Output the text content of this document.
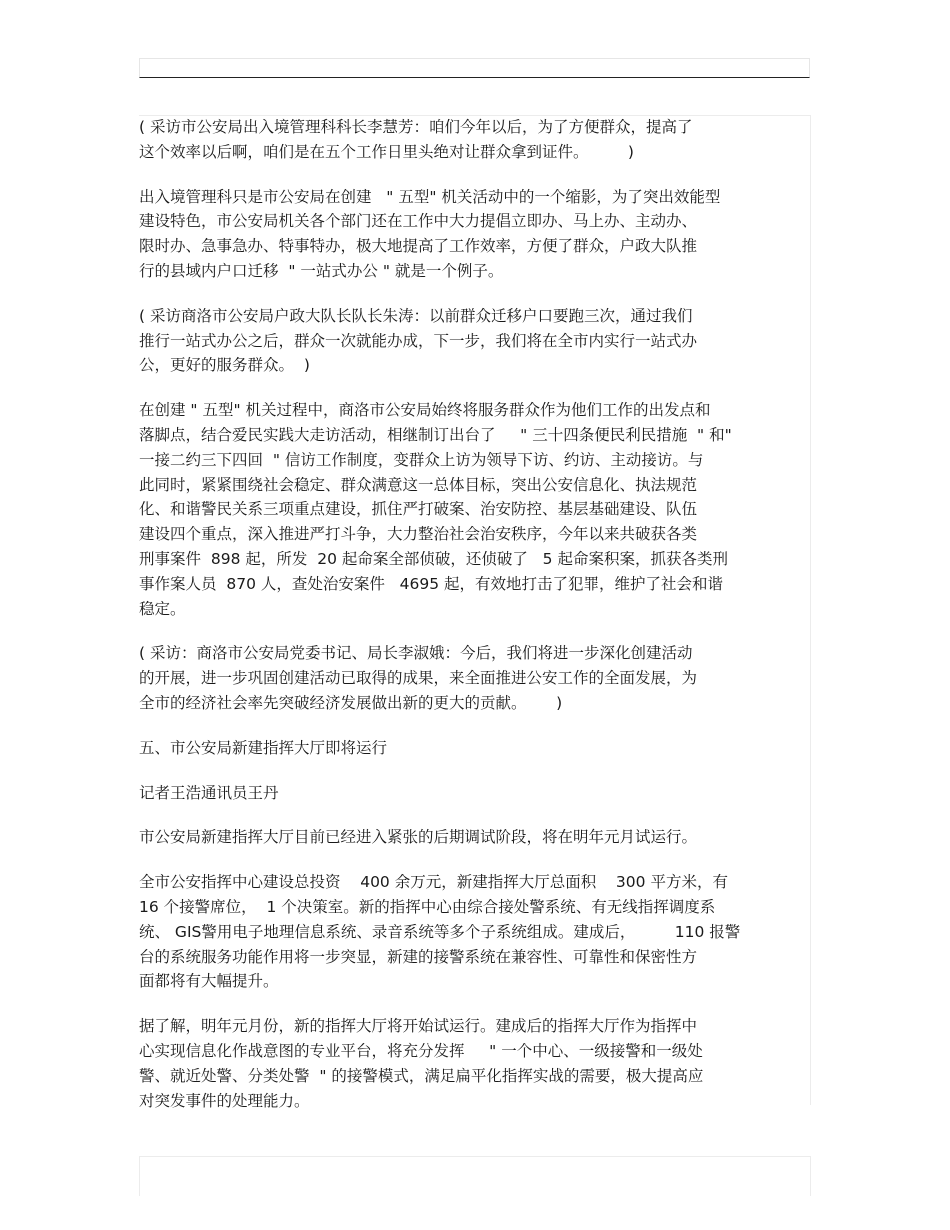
( 采访市公安局出入境管理科科长李慧芳：咱们今年以后，为了方便群众，提高了
这个效率以后啊，咱们是在五个工作日里头绝对让群众拿到证件。        )

出入境管理科只是市公安局在创建   " 五型" 机关活动中的一个缩影，为了突出效能型
建设特色，市公安局机关各个部门还在工作中大力提倡立即办、马上办、主动办、
限时办、急事急办、特事特办，极大地提高了工作效率，方便了群众，户政大队推
行的县域内户口迁移  " 一站式办公 " 就是一个例子。

( 采访商洛市公安局户政大队长队长朱涛：以前群众迁移户口要跑三次，通过我们
推行一站式办公之后，群众一次就能办成，下一步，我们将在全市内实行一站式办
公，更好的服务群众。  )

在创建 " 五型" 机关过程中，商洛市公安局始终将服务群众作为他们工作的出发点和
落脚点，结合爱民实践大走访活动，相继制订出台了     " 三十四条便民利民措施  " 和"
一接二约三下四回  " 信访工作制度，变群众上访为领导下访、约访、主动接访。与
此同时，紧紧围绕社会稳定、群众满意这一总体目标，突出公安信息化、执法规范
化、和谐警民关系三项重点建设，抓住严打破案、治安防控、基层基础建设、队伍
建设四个重点，深入推进严打斗争，大力整治社会治安秩序，今年以来共破获各类
刑事案件  898 起，所发  20 起命案全部侦破，还侦破了   5 起命案积案，抓获各类刑
事作案人员  870 人，查处治安案件   4695 起，有效地打击了犯罪，维护了社会和谐
稳定。

( 采访：商洛市公安局党委书记、局长李淑娥：今后，我们将进一步深化创建活动
的开展，进一步巩固创建活动已取得的成果，来全面推进公安工作的全面发展，为
全市的经济社会率先突破经济发展做出新的更大的贡献。      )

五、市公安局新建指挥大厅即将运行

记者王浩通讯员王丹

市公安局新建指挥大厅目前已经进入紧张的后期调试阶段，将在明年元月试运行。

全市公安指挥中心建设总投资    400 余万元，新建指挥大厅总面积    300 平方米，有
16 个接警席位，  1 个决策室。新的指挥中心由综合接处警系统、有无线指挥调度系
统、 GIS警用电子地理信息系统、录音系统等多个子系统组成。建成后，        110 报警
台的系统服务功能作用将一步突显，新建的接警系统在兼容性、可靠性和保密性方
面都将有大幅提升。

据了解，明年元月份，新的指挥大厅将开始试运行。建成后的指挥大厅作为指挥中
心实现信息化作战意图的专业平台，将充分发挥     " 一个中心、一级接警和一级处
警、就近处警、分类处警  " 的接警模式，满足扁平化指挥实战的需要，极大提高应
对突发事件的处理能力。
